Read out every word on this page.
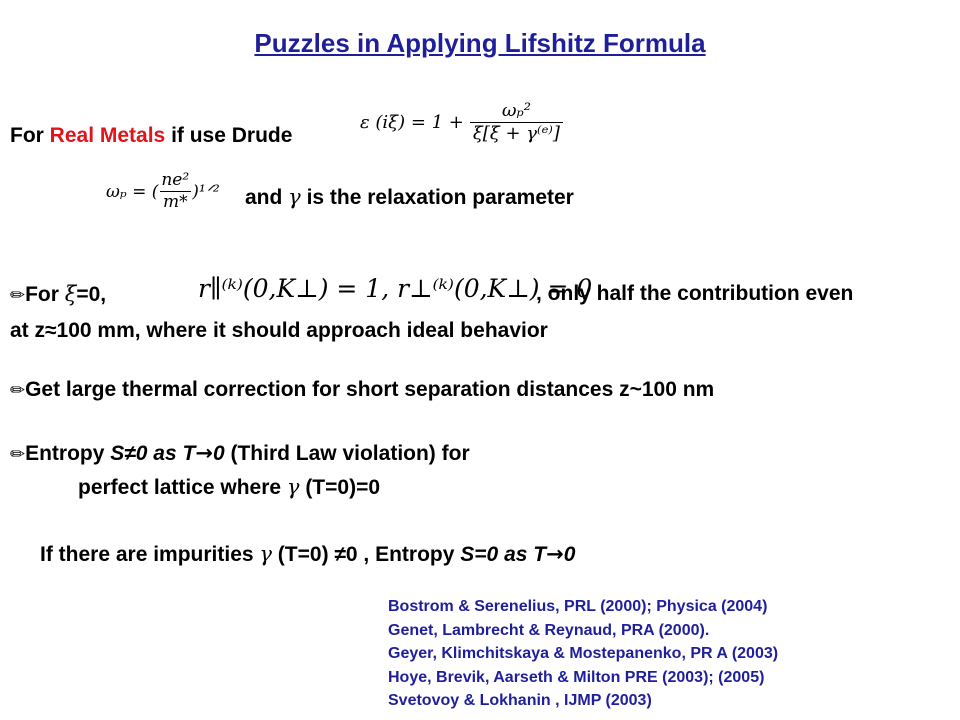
Puzzles in Applying Lifshitz Formula
For Real Metals if use Drude
ε $(i\xi) = 1 + \frac{\text{ωₚ²}}{\text{ξ[ξ + γ⁽ᵉ⁾]}}$
ωₚ = ( $\frac{\text{ne²}}{m*}$ )¹ᐟ² and γ is the relaxation parameter
✏For ξ=0,	r∥⁽ᵏ⁾(0,K⊥) = 1, r⊥⁽ᵏ⁾(0,K⊥) = 0
, only half the contribution even
at z≈100 mm, where it should approach ideal behavior
✏Get large thermal correction for short separation distances z~100 nm
✏Entropy S≠0 as T→0 (Third Law violation) for
perfect lattice where γ (T=0)=0
If there are impurities γ (T=0) ≠0 , Entropy S=0 as T→0
Bostrom & Serenelius, PRL (2000); Physica (2004)
Genet, Lambrecht & Reynaud, PRA (2000).
Geyer, Klimchitskaya & Mostepanenko, PR A (2003)
Hoye, Brevik, Aarseth & Milton PRE (2003); (2005)
Svetovoy & Lokhanin , IJMP (2003)
